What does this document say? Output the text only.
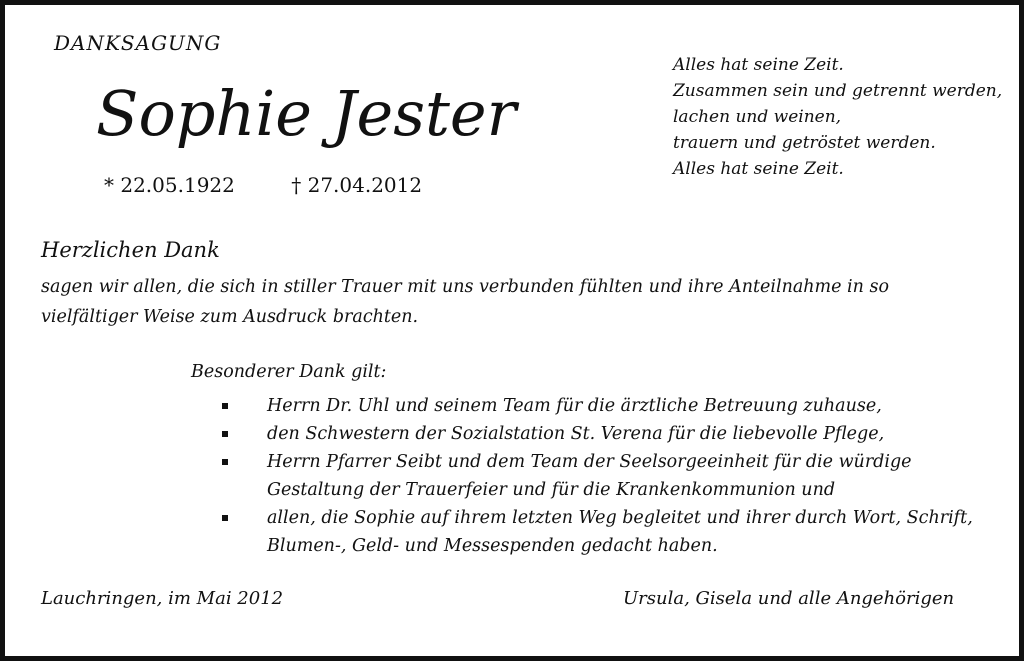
DANKSAGUNG
Sophie Jester
* 22.05.1922	† 27.04.2012
Alles hat seine Zeit.
Zusammen sein und getrennt werden,
lachen und weinen,
trauern und getröstet werden.
Alles hat seine Zeit.
Herzlichen Dank
sagen wir allen, die sich in stiller Trauer mit uns verbunden fühlten und ihre Anteilnahme in so vielfältiger Weise zum Ausdruck brachten.
Besonderer Dank gilt:
Herrn Dr. Uhl und seinem Team für die ärztliche Betreuung zuhause,
den Schwestern der Sozialstation St. Verena für die liebevolle Pflege,
Herrn Pfarrer Seibt und dem Team der Seelsorgeeinheit für die würdige Gestaltung der Trauerfeier und für die Krankenkommunion und
allen, die Sophie auf ihrem letzten Weg begleitet und ihrer durch Wort, Schrift, Blumen-, Geld- und Messespenden gedacht haben.
Lauchringen, im Mai 2012	Ursula, Gisela und alle Angehörigen
